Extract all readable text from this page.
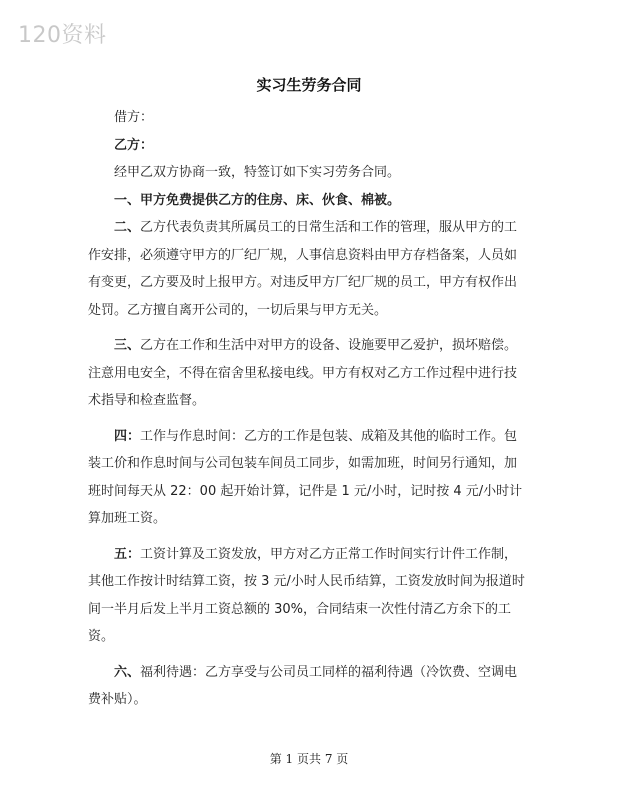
120资料
实习生劳务合同

借方：

乙方：

经甲乙双方协商一致，特签订如下实习劳务合同。

一、甲方免费提供乙方的住房、床、伙食、棉被。

二、乙方代表负责其所属员工的日常生活和工作的管理，服从甲方的工作安排，必须遵守甲方的厂纪厂规，人事信息资料由甲方存档备案，人员如有变更，乙方要及时上报甲方。对违反甲方厂纪厂规的员工，甲方有权作出处罚。乙方擅自离开公司的，一切后果与甲方无关。

三、乙方在工作和生活中对甲方的设备、设施要甲乙爱护，损坏赔偿。注意用电安全，不得在宿舍里私接电线。甲方有权对乙方工作过程中进行技术指导和检查监督。

四：工作与作息时间：乙方的工作是包装、成箱及其他的临时工作。包装工价和作息时间与公司包装车间员工同步，如需加班，时间另行通知，加班时间每天从 22：00 起开始计算，记件是 1 元/小时，记时按 4 元/小时计算加班工资。

五：工资计算及工资发放，甲方对乙方正常工作时间实行计件工作制，其他工作按计时结算工资，按 3 元/小时人民币结算，工资发放时间为报道时间一半月后发上半月工资总额的 30%，合同结束一次性付清乙方余下的工资。

六、福利待遇：乙方享受与公司员工同样的福利待遇（冷饮费、空调电费补贴）。

第 1 页共 7 页
